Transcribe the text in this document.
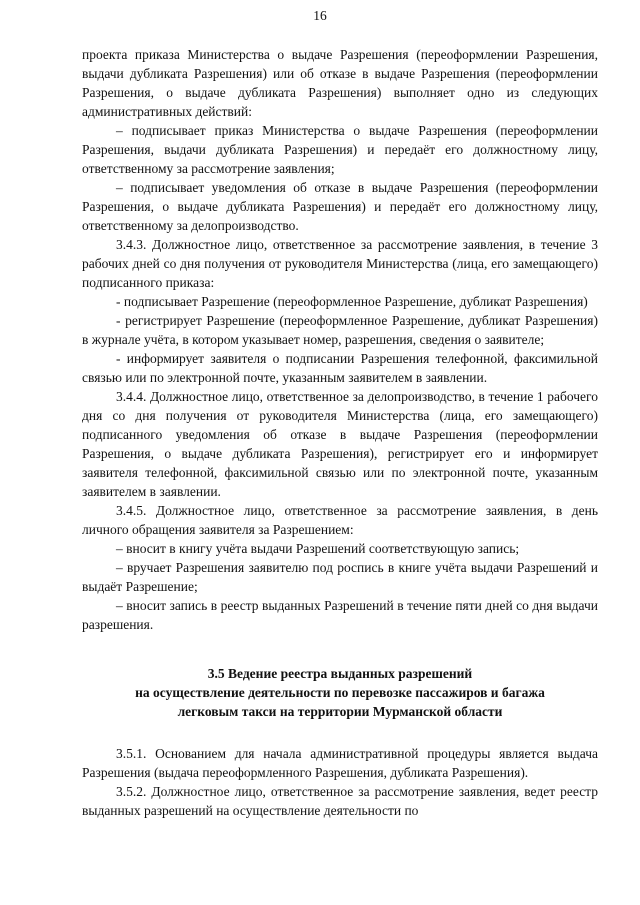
16

проекта приказа Министерства о выдаче Разрешения (переоформлении Разрешения, выдачи дубликата Разрешения) или об отказе в выдаче Разрешения (переоформлении Разрешения, о выдаче дубликата Разрешения) выполняет одно из следующих административных действий:

– подписывает приказ Министерства о выдаче Разрешения (переоформлении Разрешения, выдачи дубликата Разрешения) и передаёт его должностному лицу, ответственному за рассмотрение заявления;

– подписывает уведомления об отказе в выдаче Разрешения (переоформлении Разрешения, о выдаче дубликата Разрешения) и передаёт его должностному лицу, ответственному за делопроизводство.

3.4.3. Должностное лицо, ответственное за рассмотрение заявления, в течение 3 рабочих дней со дня получения от руководителя Министерства (лица, его замещающего) подписанного приказа:

- подписывает Разрешение (переоформленное Разрешение, дубликат Разрешения)

- регистрирует Разрешение (переоформленное Разрешение, дубликат Разрешения) в журнале учёта, в котором указывает номер, разрешения, сведения о заявителе;

- информирует заявителя о подписании Разрешения телефонной, факсимильной связью или по электронной почте, указанным заявителем в заявлении.

3.4.4. Должностное лицо, ответственное за делопроизводство, в течение 1 рабочего дня со дня получения от руководителя Министерства (лица, его замещающего) подписанного уведомления об отказе в выдаче Разрешения (переоформлении Разрешения, о выдаче дубликата Разрешения), регистрирует его и информирует заявителя телефонной, факсимильной связью или по электронной почте, указанным заявителем в заявлении.

3.4.5. Должностное лицо, ответственное за рассмотрение заявления, в день личного обращения заявителя за Разрешением:

– вносит в книгу учёта выдачи Разрешений соответствующую запись;

– вручает Разрешения заявителю под роспись в книге учёта выдачи Разрешений и выдаёт Разрешение;

– вносит запись в реестр выданных Разрешений в течение пяти дней со дня выдачи разрешения.

3.5 Ведение реестра выданных разрешений
на осуществление деятельности по перевозке пассажиров и багажа
легковым такси на территории Мурманской области

3.5.1. Основанием для начала административной процедуры является выдача Разрешения (выдача переоформленного Разрешения, дубликата Разрешения).

3.5.2. Должностное лицо, ответственное за рассмотрение заявления, ведет реестр выданных разрешений на осуществление деятельности по
